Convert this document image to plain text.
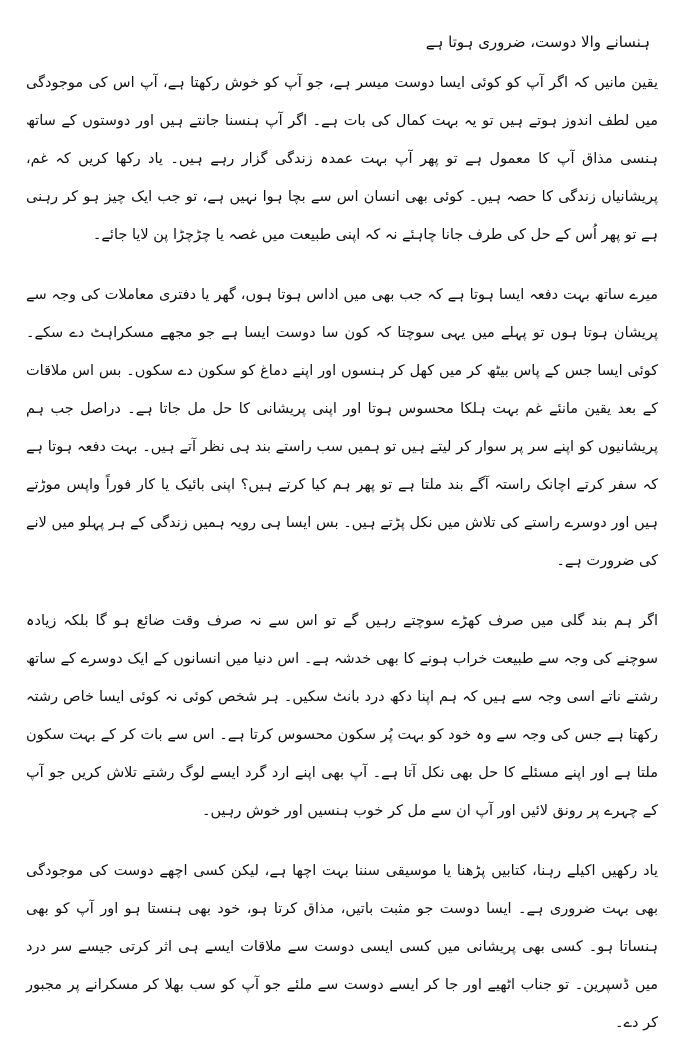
ہنسانے والا دوست، ضروری ہوتا ہے

یقین مانیں کہ اگر آپ کو کوئی ایسا دوست میسر ہے، جو آپ کو خوش رکھتا ہے، آپ اس کی موجودگی میں لطف اندوز ہوتے ہیں تو یہ بہت کمال کی بات ہے۔ اگر آپ ہنسنا جانتے ہیں اور دوستوں کے ساتھ ہنسی مذاق آپ کا معمول ہے تو پھر آپ بہت عمدہ زندگی گزار رہے ہیں۔ یاد رکھا کریں کہ غم، پریشانیاں زندگی کا حصہ ہیں۔ کوئی بھی انسان اس سے بچا ہوا نہیں ہے، تو جب ایک چیز ہو کر رہنی ہے تو پھر اُس کے حل کی طرف جانا چاہئے نہ کہ اپنی طبیعت میں غصہ یا چڑچڑا پن لایا جائے۔

میرے ساتھ بہت دفعہ ایسا ہوتا ہے کہ جب بھی میں اداس ہوتا ہوں، گھر یا دفتری معاملات کی وجہ سے پریشان ہوتا ہوں تو پہلے میں یہی سوچتا کہ کون سا دوست ایسا ہے جو مجھے مسکراہٹ دے سکے۔ کوئی ایسا جس کے پاس بیٹھ کر میں کھل کر ہنسوں اور اپنے دماغ کو سکون دے سکوں۔ بس اس ملاقات کے بعد یقین مانئے غم بہت ہلکا محسوس ہوتا اور اپنی پریشانی کا حل مل جاتا ہے۔ دراصل جب ہم پریشانیوں کو اپنے سر پر سوار کر لیتے ہیں تو ہمیں سب راستے بند ہی نظر آتے ہیں۔ بہت دفعہ ہوتا ہے کہ سفر کرتے اچانک راستہ آگے بند ملتا ہے تو پھر ہم کیا کرتے ہیں؟ اپنی بائیک یا کار فوراً واپس موڑتے ہیں اور دوسرے راستے کی تلاش میں نکل پڑتے ہیں۔ بس ایسا ہی رویہ ہمیں زندگی کے ہر پہلو میں لانے کی ضرورت ہے۔

اگر ہم بند گلی میں صرف کھڑے سوچتے رہیں گے تو اس سے نہ صرف وقت ضائع ہو گا بلکہ زیادہ سوچنے کی وجہ سے طبیعت خراب ہونے کا بھی خدشہ ہے۔ اس دنیا میں انسانوں کے ایک دوسرے کے ساتھ رشتے ناتے اسی وجہ سے ہیں کہ ہم اپنا دکھ درد بانٹ سکیں۔ ہر شخص کوئی نہ کوئی ایسا خاص رشتہ رکھتا ہے جس کی وجہ سے وہ خود کو بہت پُر سکون محسوس کرتا ہے۔ اس سے بات کر کے بہت سکون ملتا ہے اور اپنے مسئلے کا حل بھی نکل آتا ہے۔ آپ بھی اپنے ارد گرد ایسے لوگ رشتے تلاش کریں جو آپ کے چہرے پر رونق لائیں اور آپ ان سے مل کر خوب ہنسیں اور خوش رہیں۔

یاد رکھیں اکیلے رہنا، کتابیں پڑھنا یا موسیقی سننا بہت اچھا ہے، لیکن کسی اچھے دوست کی موجودگی بھی بہت ضروری ہے۔ ایسا دوست جو مثبت باتیں، مذاق کرتا ہو، خود بھی ہنستا ہو اور آپ کو بھی ہنساتا ہو۔ کسی بھی پریشانی میں کسی ایسی دوست سے ملاقات ایسے ہی اثر کرتی جیسے سر درد میں ڈسپرین۔ تو جناب اٹھیے اور جا کر ایسے دوست سے ملئے جو آپ کو سب بھلا کر مسکرانے پر مجبور کر دے۔
